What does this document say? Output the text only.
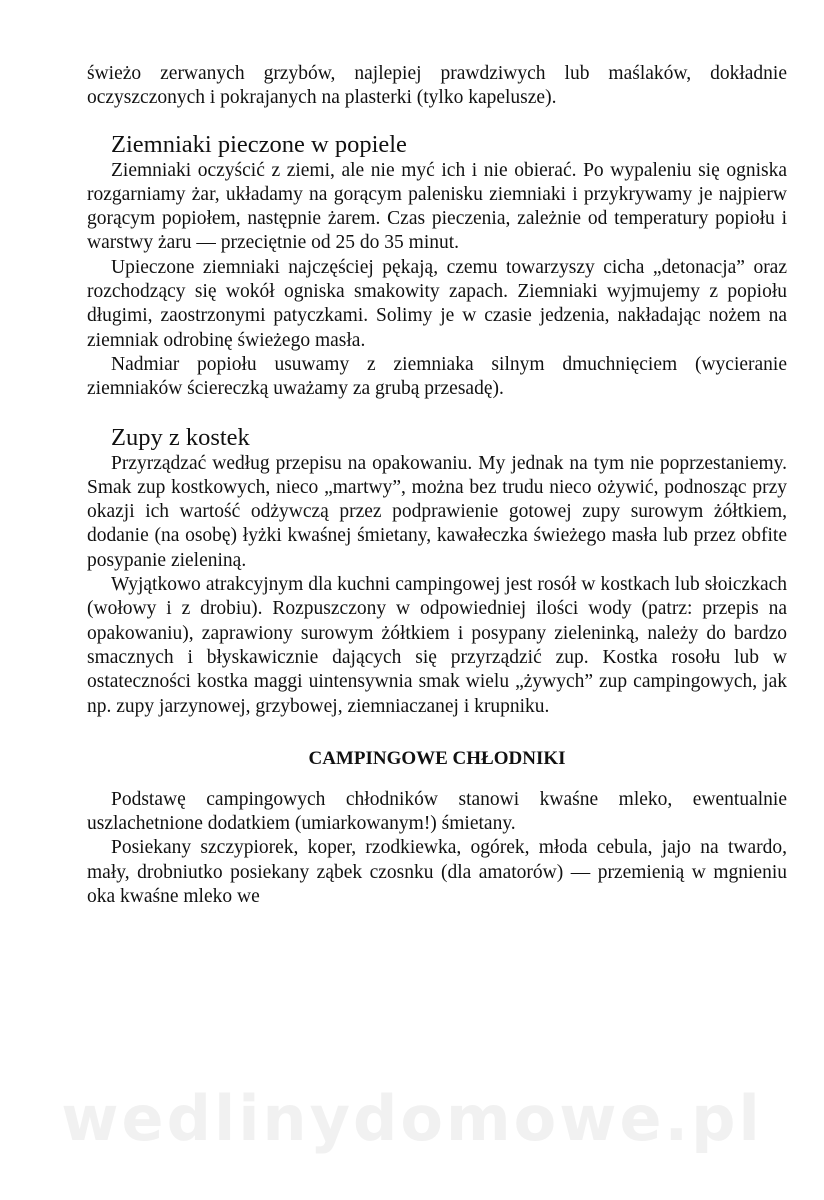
świeżo zerwanych grzybów, najlepiej prawdziwych lub maślaków, dokładnie oczyszczonych i pokrajanych na plasterki (tylko kapelusze).

Ziemniaki pieczone w popiele

Ziemniaki oczyścić z ziemi, ale nie myć ich i nie obierać. Po wypaleniu się ogniska rozgarniamy żar, układamy na gorącym palenisku ziemniaki i przykrywamy je najpierw gorącym popiołem, następnie żarem. Czas pieczenia, zależnie od temperatury popiołu i warstwy żaru — przeciętnie od 25 do 35 minut.

Upieczone ziemniaki najczęściej pękają, czemu towarzyszy cicha „detonacja” oraz rozchodzący się wokół ogniska smakowity zapach. Ziemniaki wyjmujemy z popiołu długimi, zaostrzonymi patyczkami. Solimy je w czasie jedzenia, nakładając nożem na ziemniak odrobinę świeżego masła.

Nadmiar popiołu usuwamy z ziemniaka silnym dmuchnięciem (wycieranie ziemniaków ściereczką uważamy za grubą przesadę).

Zupy z kostek

Przyrządzać według przepisu na opakowaniu. My jednak na tym nie poprzestaniemy. Smak zup kostkowych, nieco „martwy”, można bez trudu nieco ożywić, podnosząc przy okazji ich wartość odżywczą przez podprawienie gotowej zupy surowym żółtkiem, dodanie (na osobę) łyżki kwaśnej śmietany, kawałeczka świeżego masła lub przez obfite posypanie zieleniną.

Wyjątkowo atrakcyjnym dla kuchni campingowej jest rosół w kostkach lub słoiczkach (wołowy i z drobiu). Rozpuszczony w odpowiedniej ilości wody (patrz: przepis na opakowaniu), zaprawiony surowym żółtkiem i posypany zieleninką, należy do bardzo smacznych i błyskawicznie dających się przyrządzić zup. Kostka rosołu lub w ostateczności kostka maggi uintensywnia smak wielu „żywych” zup campingowych, jak np. zupy jarzynowej, grzybowej, ziemniaczanej i krupniku.

CAMPINGOWE CHŁODNIKI

Podstawę campingowych chłodników stanowi kwaśne mleko, ewentualnie uszlachetnione dodatkiem (umiarkowanym!) śmietany.

Posiekany szczypiorek, koper, rzodkiewka, ogórek, młoda cebula, jajo na twardo, mały, drobniutko posiekany ząbek czosnku (dla amatorów) — przemienią w mgnieniu oka kwaśne mleko we

wedlinydomowe.pl
